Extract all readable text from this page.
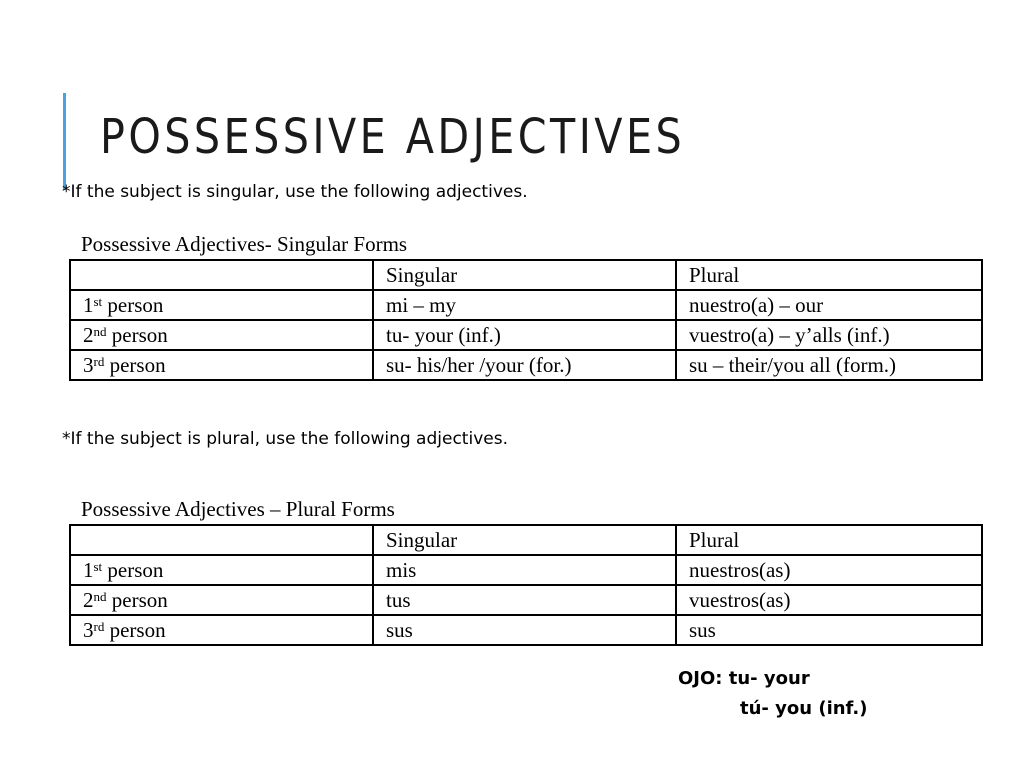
POSSESSIVE ADJECTIVES
*If the subject is singular, use the following adjectives.
Possessive Adjectives- Singular Forms
	Singular	Plural
1st person	mi – my	nuestro(a) – our
2nd person	tu- your (inf.)	vuestro(a) – y’alls (inf.)
3rd person	su- his/her /your (for.)	su – their/you all (form.)
*If the subject is plural, use the following adjectives.
Possessive Adjectives – Plural Forms
	Singular	Plural
1st person	mis	nuestros(as)
2nd person	tus	vuestros(as)
3rd person	sus	sus
OJO: tu- your
tú- you (inf.)
